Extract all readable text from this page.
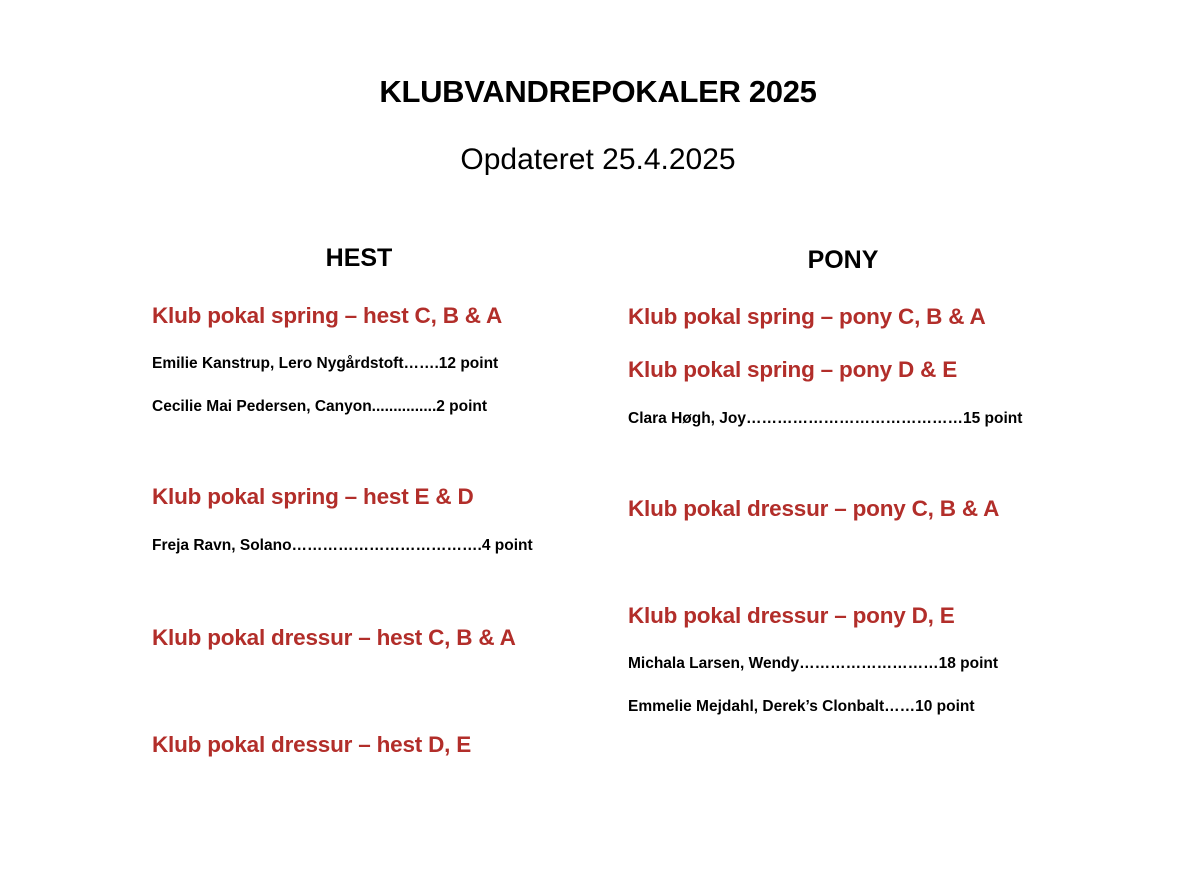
KLUBVANDREPOKALER 2025
Opdateret 25.4.2025
HEST
Klub pokal spring – hest C, B & A
Emilie Kanstrup, Lero Nygårdstoft…….12 point
Cecilie Mai Pedersen, Canyon...............2 point
Klub pokal spring – hest E & D
Freja Ravn, Solano……………………………….4 point
Klub pokal dressur – hest C, B & A
Klub pokal dressur – hest D, E
PONY
Klub pokal spring – pony C, B & A
Klub pokal spring – pony D & E
Clara Høgh, Joy……………………………………15 point
Klub pokal dressur – pony C, B & A
Klub pokal dressur – pony D, E
Michala Larsen, Wendy………………………18 point
Emmelie Mejdahl, Derek’s Clonbalt……10 point
